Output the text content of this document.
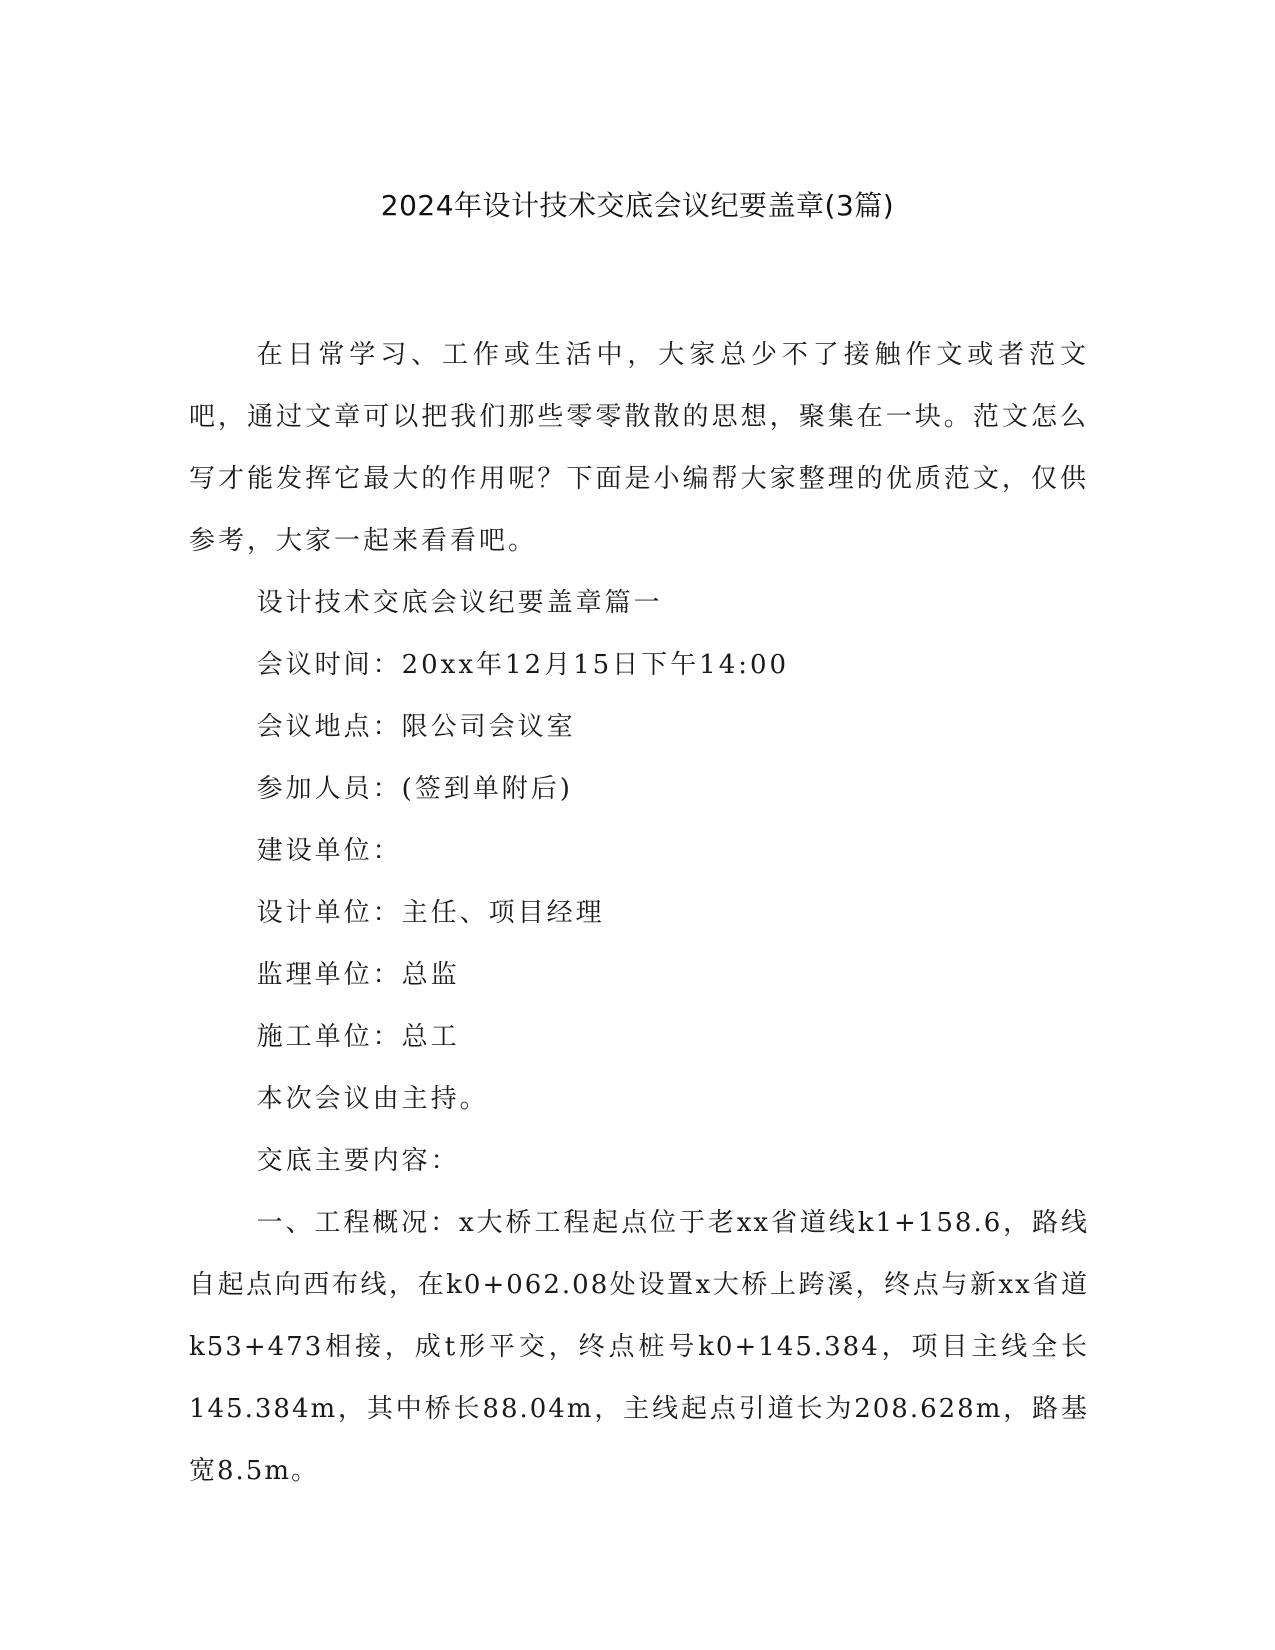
2024年设计技术交底会议纪要盖章(3篇)

在日常学习、工作或生活中，大家总少不了接触作文或者范文吧，通过文章可以把我们那些零零散散的思想，聚集在一块。范文怎么写才能发挥它最大的作用呢？下面是小编帮大家整理的优质范文，仅供参考，大家一起来看看吧。

设计技术交底会议纪要盖章篇一

会议时间：20xx年12月15日下午14:00

会议地点：限公司会议室

参加人员：(签到单附后)

建设单位：

设计单位：主任、项目经理

监理单位：总监

施工单位：总工

本次会议由主持。

交底主要内容：

一、工程概况：x大桥工程起点位于老xx省道线k1+158.6，路线自起点向西布线，在k0+062.08处设置x大桥上跨溪，终点与新xx省道k53+473相接，成t形平交，终点桩号k0+145.384，项目主线全长145.384m，其中桥长88.04m，主线起点引道长为208.628m，路基宽8.5m。
